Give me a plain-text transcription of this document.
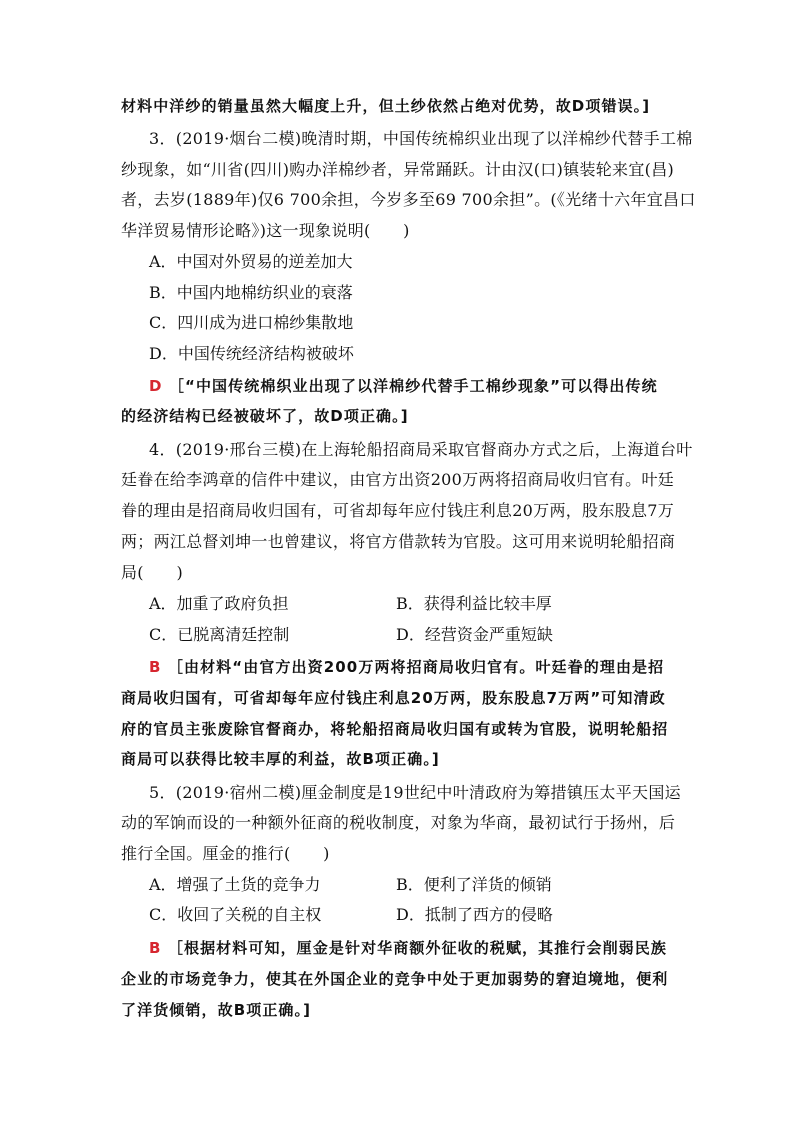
材料中洋纱的销量虽然大幅度上升，但土纱依然占绝对优势，故D项错误。]
3．(2019·烟台二模)晚清时期，中国传统棉织业出现了以洋棉纱代替手工棉
纱现象，如“川省(四川)购办洋棉纱者，异常踊跃。计由汉(口)镇装轮来宜(昌)
者，去岁(1889年)仅6 700余担，今岁多至69 700余担”。(《光绪十六年宜昌口
华洋贸易情形论略》)这一现象说明(　　)
A．中国对外贸易的逆差加大
B．中国内地棉纺织业的衰落
C．四川成为进口棉纱集散地
D．中国传统经济结构被破坏
D ［“中国传统棉织业出现了以洋棉纱代替手工棉纱现象”可以得出传统
的经济结构已经被破坏了，故D项正确。]
4．(2019·邢台三模)在上海轮船招商局采取官督商办方式之后，上海道台叶
廷眷在给李鸿章的信件中建议，由官方出资200万两将招商局收归官有。叶廷
眷的理由是招商局收归国有，可省却每年应付钱庄利息20万两，股东股息7万
两；两江总督刘坤一也曾建议，将官方借款转为官股。这可用来说明轮船招商
局(　　)
A．加重了政府负担	B．获得利益比较丰厚
C．已脱离清廷控制	D．经营资金严重短缺
B ［由材料“由官方出资200万两将招商局收归官有。叶廷眷的理由是招
商局收归国有，可省却每年应付钱庄利息20万两，股东股息7万两”可知清政
府的官员主张废除官督商办，将轮船招商局收归国有或转为官股，说明轮船招
商局可以获得比较丰厚的利益，故B项正确。]
5．(2019·宿州二模)厘金制度是19世纪中叶清政府为筹措镇压太平天国运
动的军饷而设的一种额外征商的税收制度，对象为华商，最初试行于扬州，后
推行全国。厘金的推行(　　)
A．增强了土货的竞争力	B．便利了洋货的倾销
C．收回了关税的自主权	D．抵制了西方的侵略
B ［根据材料可知，厘金是针对华商额外征收的税赋，其推行会削弱民族
企业的市场竞争力，使其在外国企业的竞争中处于更加弱势的窘迫境地，便利
了洋货倾销，故B项正确。]
